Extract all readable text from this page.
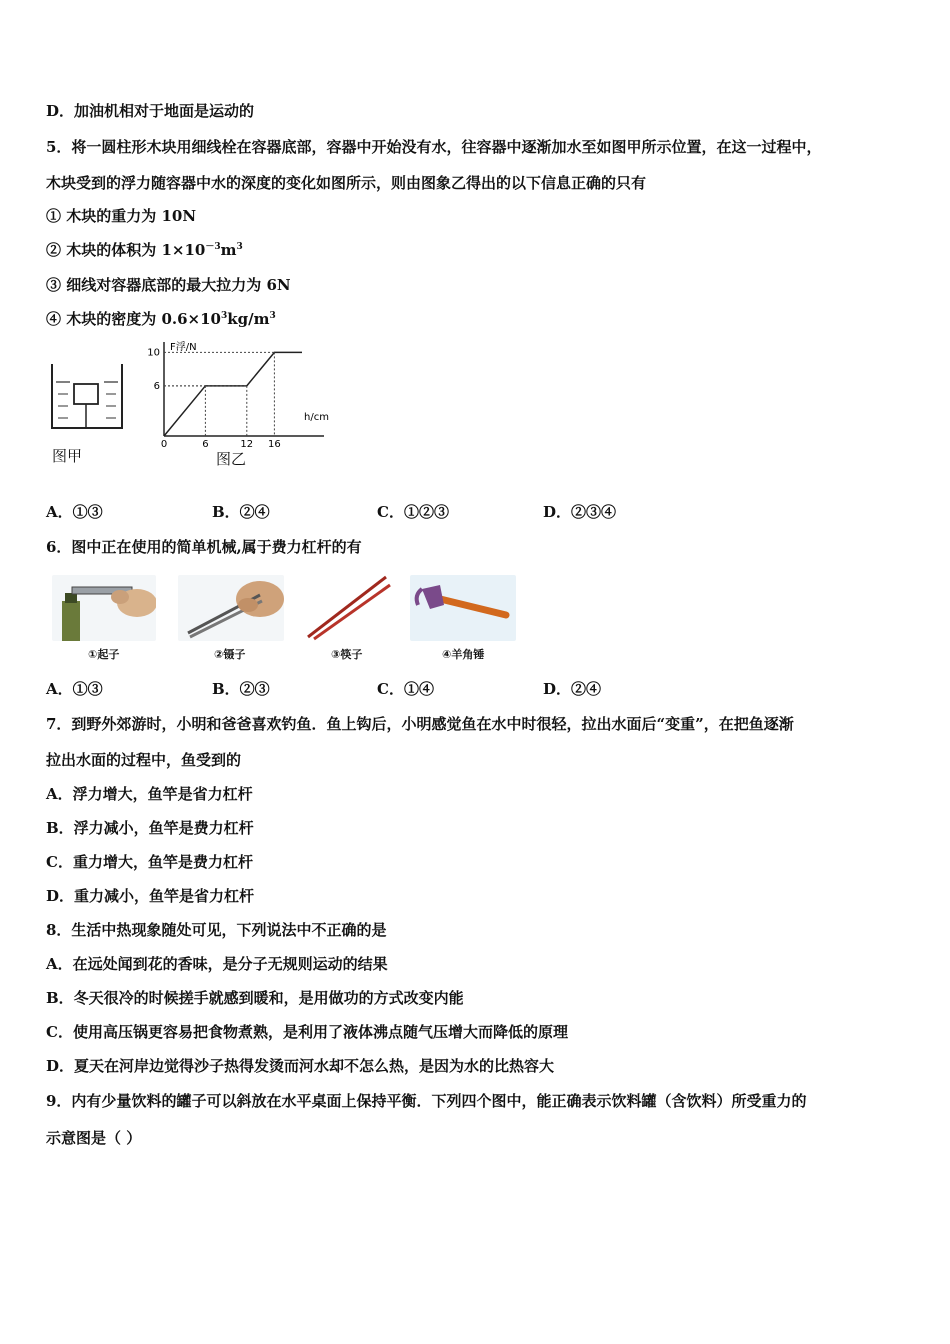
D．加油机相对于地面是运动的
5．将一圆柱形木块用细线栓在容器底部，容器中开始没有水，往容器中逐渐加水至如图甲所示位置，在这一过程中，
木块受到的浮力随容器中水的深度的变化如图所示，则由图象乙得出的以下信息正确的只有
① 木块的重力为 10N
② 木块的体积为 $1\times 10^{-3}m^3$
③ 细线对容器底部的最大拉力为 6N
④ 木块的密度为 $0.6\times 10^3kg/m^3$
图甲
0	6	12 16
6
10 F浮/N
h/cm
图乙
A．①③	B．②④	C．①②③	D．②③④
6．图中正在使用的简单机械,属于费力杠杆的有
①起子	②镊子	③筷子	④羊角锤
A．①③	B．②③	C．①④	D．②④
7．到野外郊游时，小明和爸爸喜欢钓鱼．鱼上钩后，小明感觉鱼在水中时很轻，拉出水面后“变重”，在把鱼逐渐
拉出水面的过程中，鱼受到的
A．浮力增大，鱼竿是省力杠杆
B．浮力减小，鱼竿是费力杠杆
C．重力增大，鱼竿是费力杠杆
D．重力减小，鱼竿是省力杠杆
8．生活中热现象随处可见，下列说法中不正确的是
A．在远处闻到花的香味，是分子无规则运动的结果
B．冬天很冷的时候搓手就感到暖和，是用做功的方式改变内能
C．使用高压锅更容易把食物煮熟，是利用了液体沸点随气压增大而降低的原理
D．夏天在河岸边觉得沙子热得发烫而河水却不怎么热，是因为水的比热容大
9．内有少量饮料的罐子可以斜放在水平桌面上保持平衡．下列四个图中，能正确表示饮料罐（含饮料）所受重力的
示意图是（ ）
